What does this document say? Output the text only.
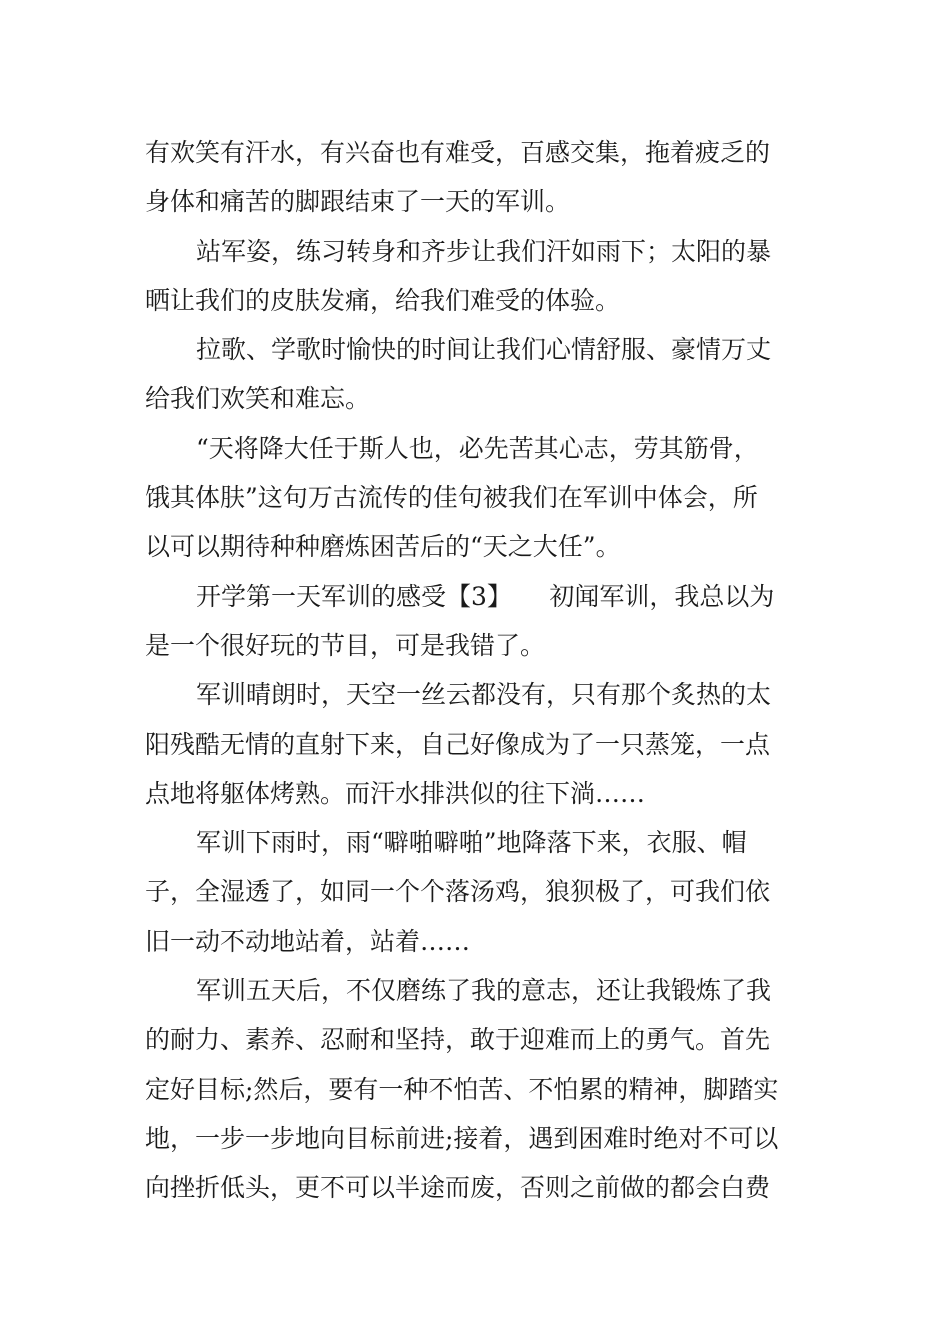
有欢笑有汗水，有兴奋也有难受，百感交集，拖着疲乏的
身体和痛苦的脚跟结束了一天的军训。
站军姿，练习转身和齐步让我们汗如雨下；太阳的暴
晒让我们的皮肤发痛，给我们难受的体验。
拉歌、学歌时愉快的时间让我们心情舒服、豪情万丈
给我们欢笑和难忘。
“天将降大任于斯人也，必先苦其心志，劳其筋骨，
饿其体肤”这句万古流传的佳句被我们在军训中体会，所
以可以期待种种磨炼困苦后的“天之大任”。
开学第一天军训的感受【3】　　初闻军训，我总以为
是一个很好玩的节目，可是我错了。
军训晴朗时，天空一丝云都没有，只有那个炙热的太
阳残酷无情的直射下来，自己好像成为了一只蒸笼，一点
点地将躯体烤熟。而汗水排洪似的往下淌……
军训下雨时，雨“噼啪噼啪”地降落下来，衣服、帽
子，全湿透了，如同一个个落汤鸡，狼狈极了，可我们依
旧一动不动地站着，站着……
军训五天后，不仅磨练了我的意志，还让我锻炼了我
的耐力、素养、忍耐和坚持，敢于迎难而上的勇气。首先
定好目标;然后，要有一种不怕苦、不怕累的精神，脚踏实
地，一步一步地向目标前进;接着，遇到困难时绝对不可以
向挫折低头，更不可以半途而废，否则之前做的都会白费
